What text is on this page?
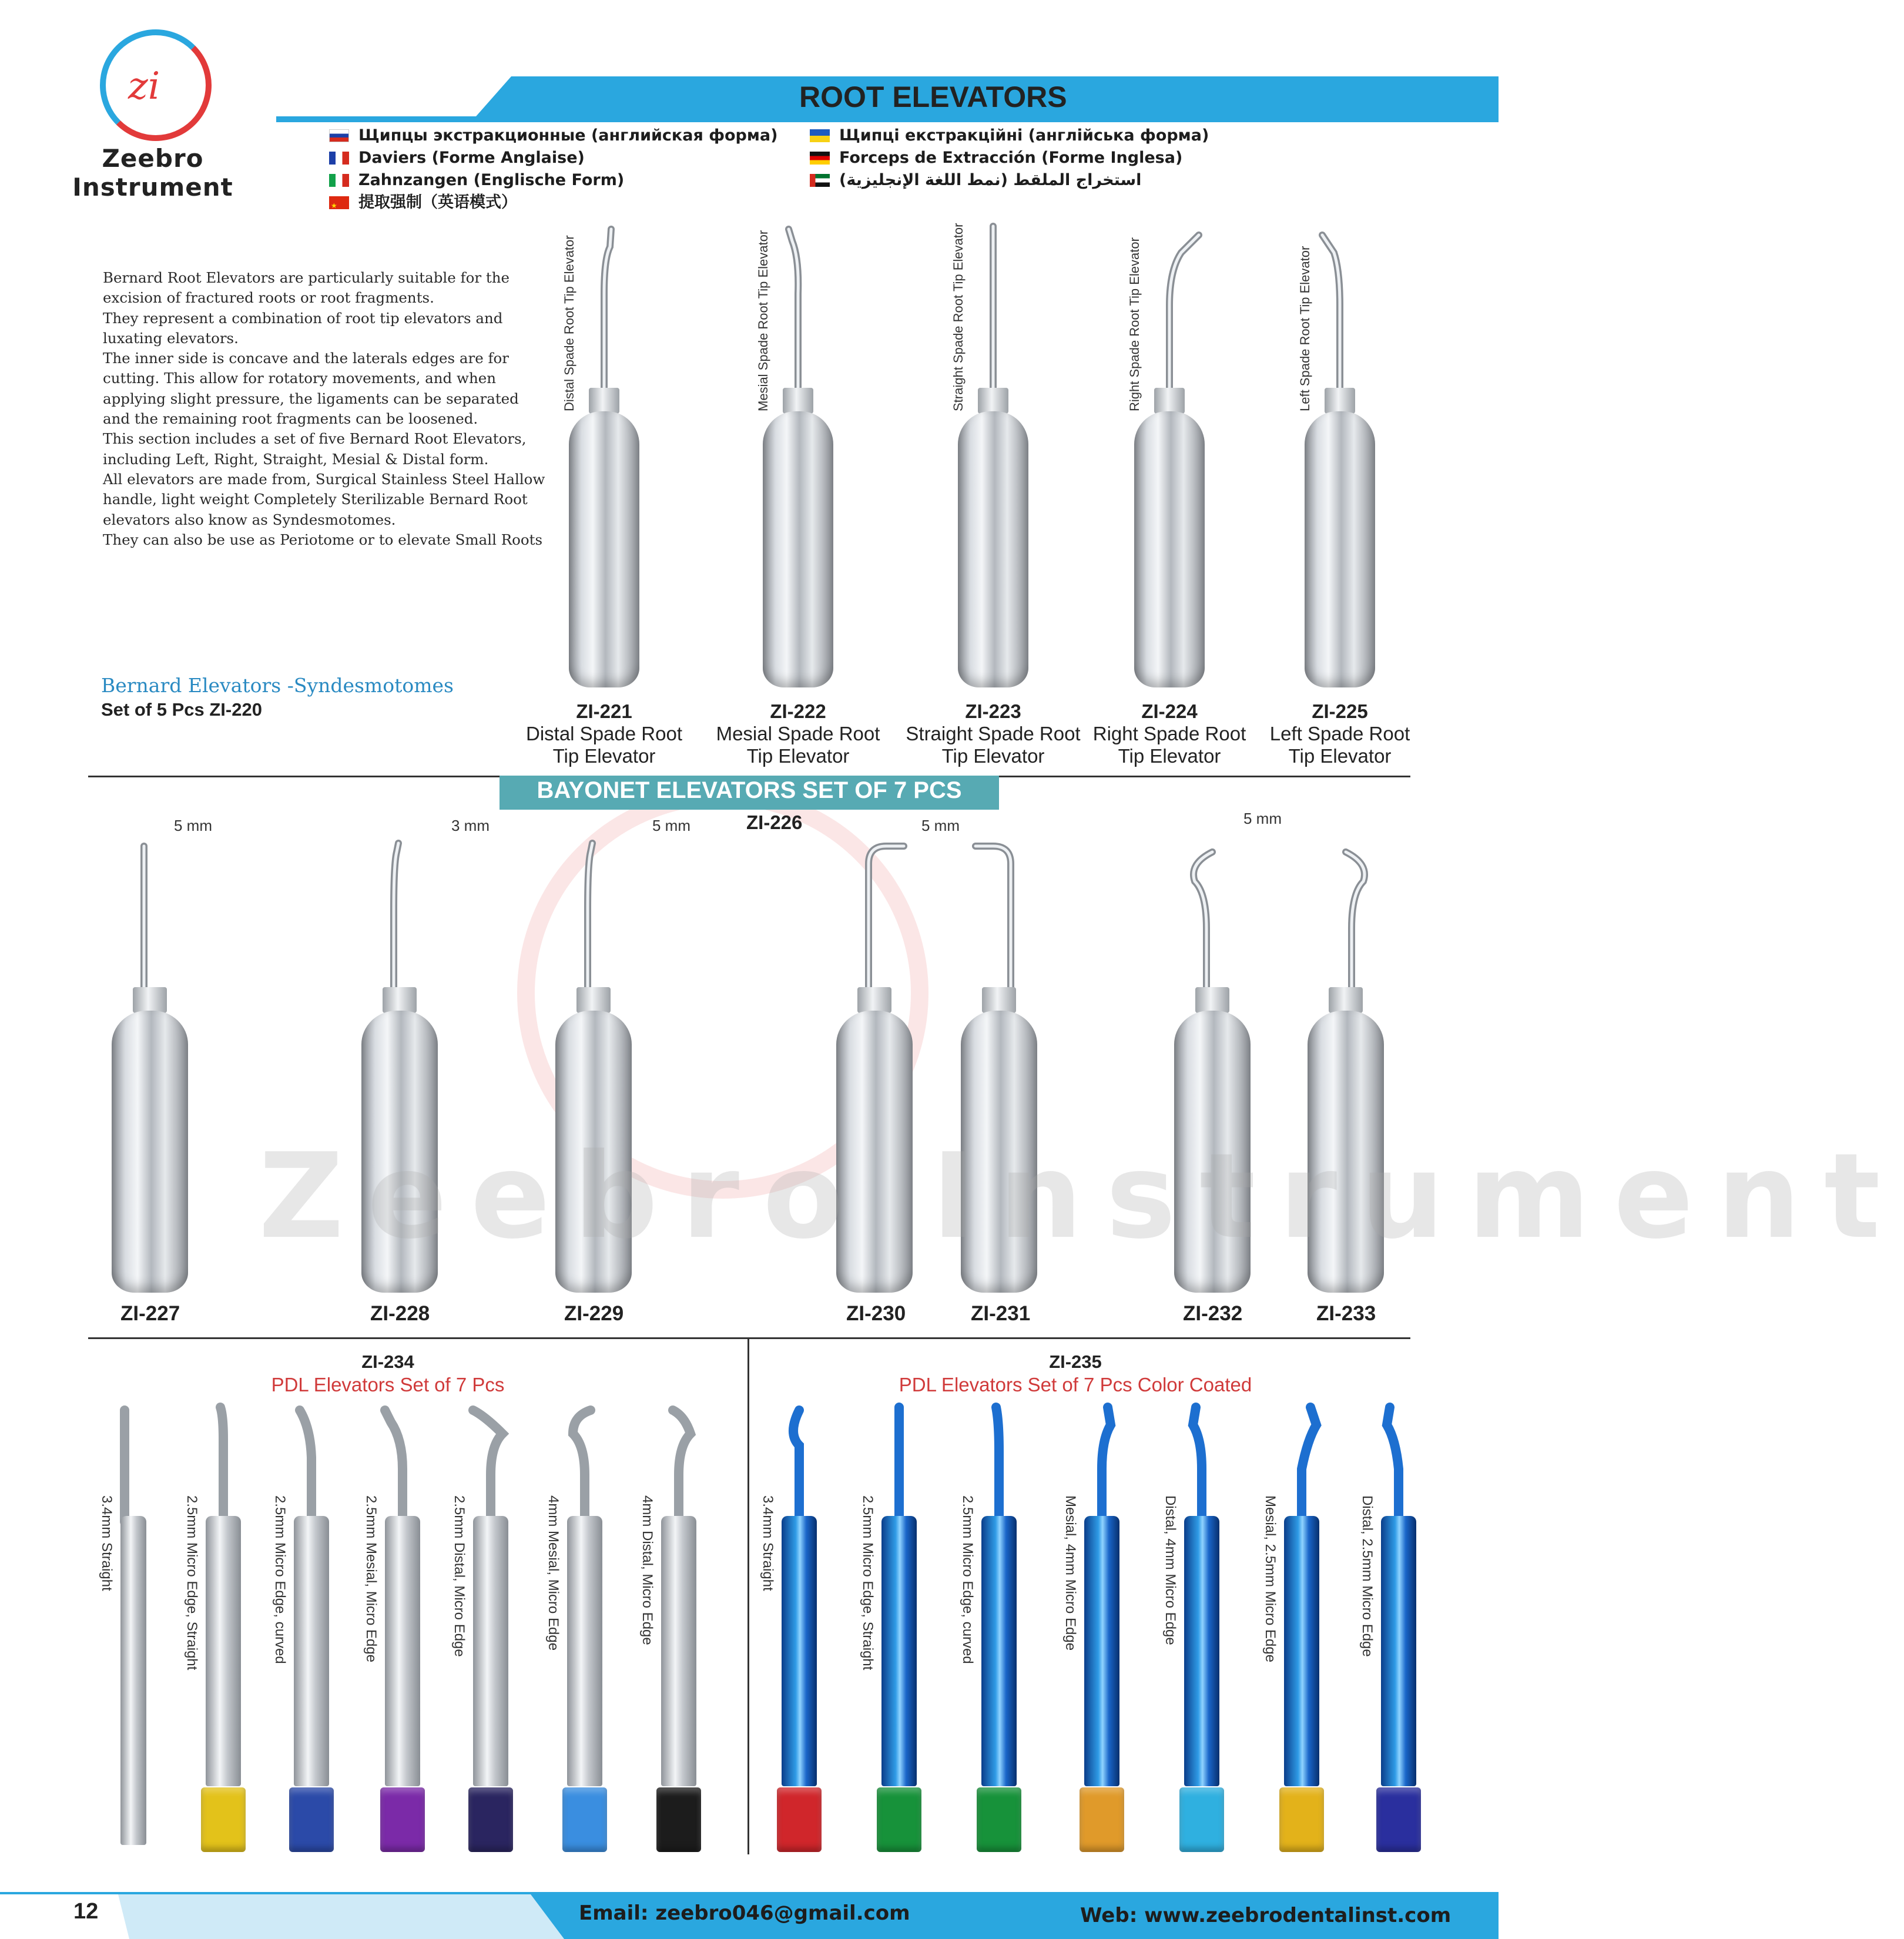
zi
Zeebro Instrument
ROOT ELEVATORS
Щипцы экстракционные (английская форма)
Daviers (Forme Anglaise)
Zahnzangen (Englische Form)
★
提取强制（英语模式）
Щипці екстракційні (англійська форма)
Forceps de Extracción (Forme Inglesa)
استخراج الملقط (نمط اللغة الإنجليزية)

Bernard Root Elevators are particularly suitable for the

excision of fractured roots or root fragments.

They represent a combination of root tip elevators and

luxating elevators.

The inner side is concave and the laterals edges are for

cutting. This allow for rotatory movements, and when

applying slight pressure, the ligaments can be separated

and the remaining root fragments can be loosened.

This section includes a set of five Bernard Root Elevators,

including Left, Right, Straight, Mesial & Distal form.

All elevators are made from, Surgical Stainless Steel Hallow

handle, light weight Completely Sterilizable Bernard Root

elevators also know as Syndesmotomes.

They can also be use as Periotome or to elevate Small Roots

Bernard Elevators -Syndesmotomes
Set of 5 Pcs ZI-220
Distal Spade Root Tip Elevator
ZI-221
Distal Spade Root
Tip Elevator
Mesial Spade Root Tip Elevator
ZI-222
Mesial Spade Root
Tip Elevator
Straight Spade Root Tip Elevator
ZI-223
Straight Spade Root
Tip Elevator
Right Spade Root Tip Elevator
ZI-224
Right Spade Root
Tip Elevator
Left Spade Root Tip Elevator
ZI-225
Left Spade Root
Tip Elevator
BAYONET ELEVATORS SET OF 7 PCS
ZI-226
5 mm	3 mm	5 mm	5 mm	5 mm
ZI-227	ZI-228	ZI-229	ZI-230	ZI-231	ZI-232	ZI-233
Zeebro Instrument
ZI-234
PDL Elevators Set of 7 Pcs
3.4mm Straight	2.5mm Micro Edge, Straight	2.5mm Micro Edge, curved	2.5mm Mesial, Micro Edge	2.5mm Distal, Micro Edge	4mm Mesial, Micro Edge	4mm Distal, Micro Edge
ZI-235
PDL Elevators Set of 7 Pcs Color Coated
3.4mm Straight	2.5mm Micro Edge, Straight	2.5mm Micro Edge, curved	Mesial, 4mm Micro Edge	Distal, 4mm Micro Edge	Mesial, 2.5mm Micro Edge	Distal, 2.5mm Micro Edge
12	Email: zeebro046@gmail.com	Web: www.zeebrodentalinst.com
